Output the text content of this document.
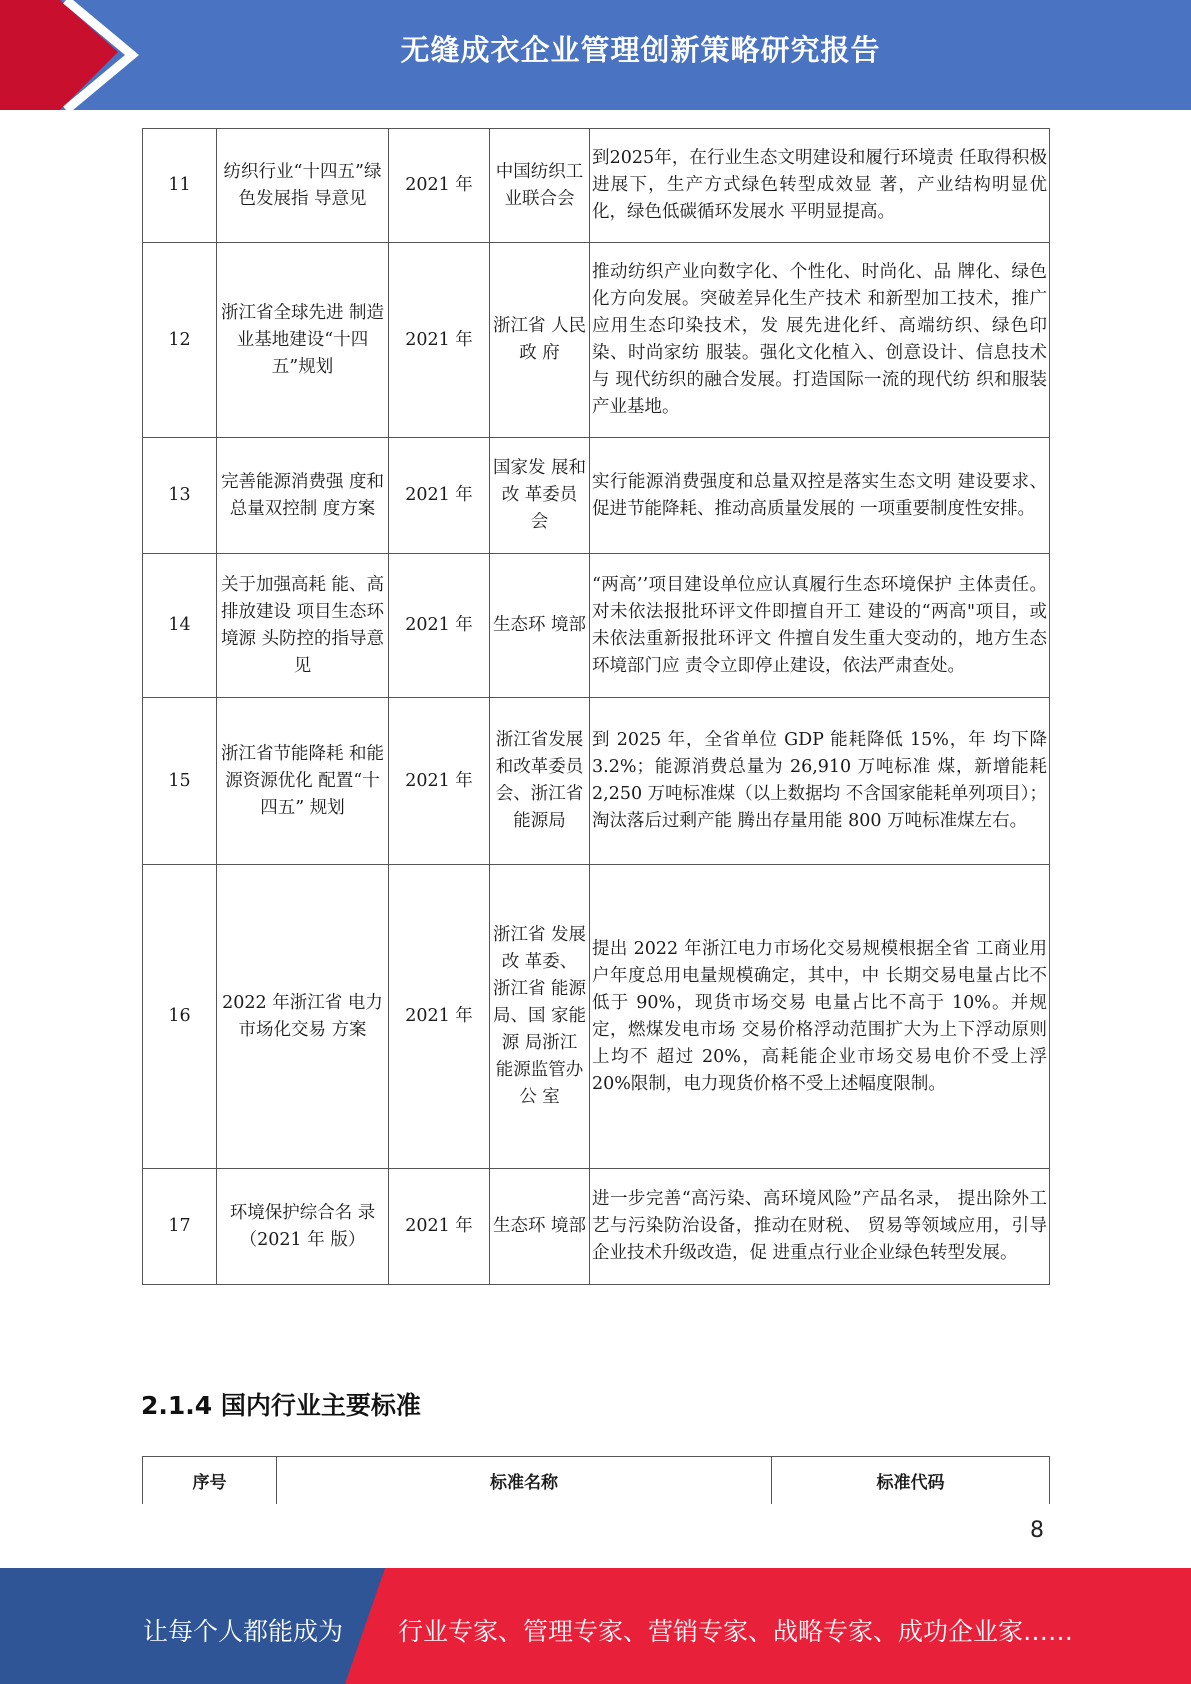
无缝成衣企业管理创新策略研究报告
11	纺织行业“十四五”绿色发展指 导意见	2021 年	中国纺织工业联合会	到2025年，在行业生态文明建设和履行环境责 任取得积极进展下，生产方式绿色转型成效显 著，产业结构明显优化，绿色低碳循环发展水 平明显提高。
12	浙江省全球先进 制造业基地建设“十四五”规划	2021 年	浙江省 人民政 府	推动纺织产业向数字化、个性化、时尚化、品 牌化、绿色化方向发展。突破差异化生产技术 和新型加工技术，推广应用生态印染技术，发 展先进化纤、高端纺织、绿色印染、时尚家纺 服装。强化文化植入、创意设计、信息技术与 现代纺织的融合发展。打造国际一流的现代纺 织和服装产业基地。
13	完善能源消费强 度和总量双控制 度方案	2021 年	国家发 展和改 革委员 会	实行能源消费强度和总量双控是落实生态文明 建设要求、促进节能降耗、推动高质量发展的 一项重要制度性安排。
14	关于加强高耗 能、高排放建设 项目生态环境源 头防控的指导意 见	2021 年	生态环 境部	“两高’’项目建设单位应认真履行生态环境保护 主体责任。对未依法报批环评文件即擅自开工 建设的“两高"项目，或未依法重新报批环评文 件擅自发生重大变动的，地方生态环境部门应 责令立即停止建设，依法严肃查处。
15	浙江省节能降耗 和能源资源优化 配置“十四五” 规划	2021 年	浙江省发展和改革委员会、浙江省能源局	到 2025 年，全省单位 GDP 能耗降低 15%，年 均下降 3.2%；能源消费总量为 26,910 万吨标准 煤，新增能耗 2,250 万吨标准煤（以上数据均 不含国家能耗单列项目）；淘汰落后过剩产能 腾出存量用能 800 万吨标准煤左右。
16	2022 年浙江省 电力市场化交易 方案	2021 年	浙江省 发展改 革委、 浙江省 能源局、国 家能源 局浙江 能源监管办公 室	提出 2022 年浙江电力市场化交易规模根据全省 工商业用户年度总用电量规模确定，其中，中 长期交易电量占比不低于 90%，现货市场交易 电量占比不高于 10%。并规定，燃煤发电市场 交易价格浮动范围扩大为上下浮动原则上均不 超过 20%，高耗能企业市场交易电价不受上浮 20%限制，电力现货价格不受上述幅度限制。
17	环境保护综合名 录（2021 年 版）	2021 年	生态环 境部	进一步完善“高污染、高环境风险”产品名录， 提出除外工艺与污染防治设备，推动在财税、 贸易等领域应用，引导企业技术升级改造，促 进重点行业企业绿色转型发展。
2.1.4 国内行业主要标准
序号	标准名称	标准代码
8
让每个人都能成为 行业专家、管理专家、营销专家、战略专家、成功企业家……
